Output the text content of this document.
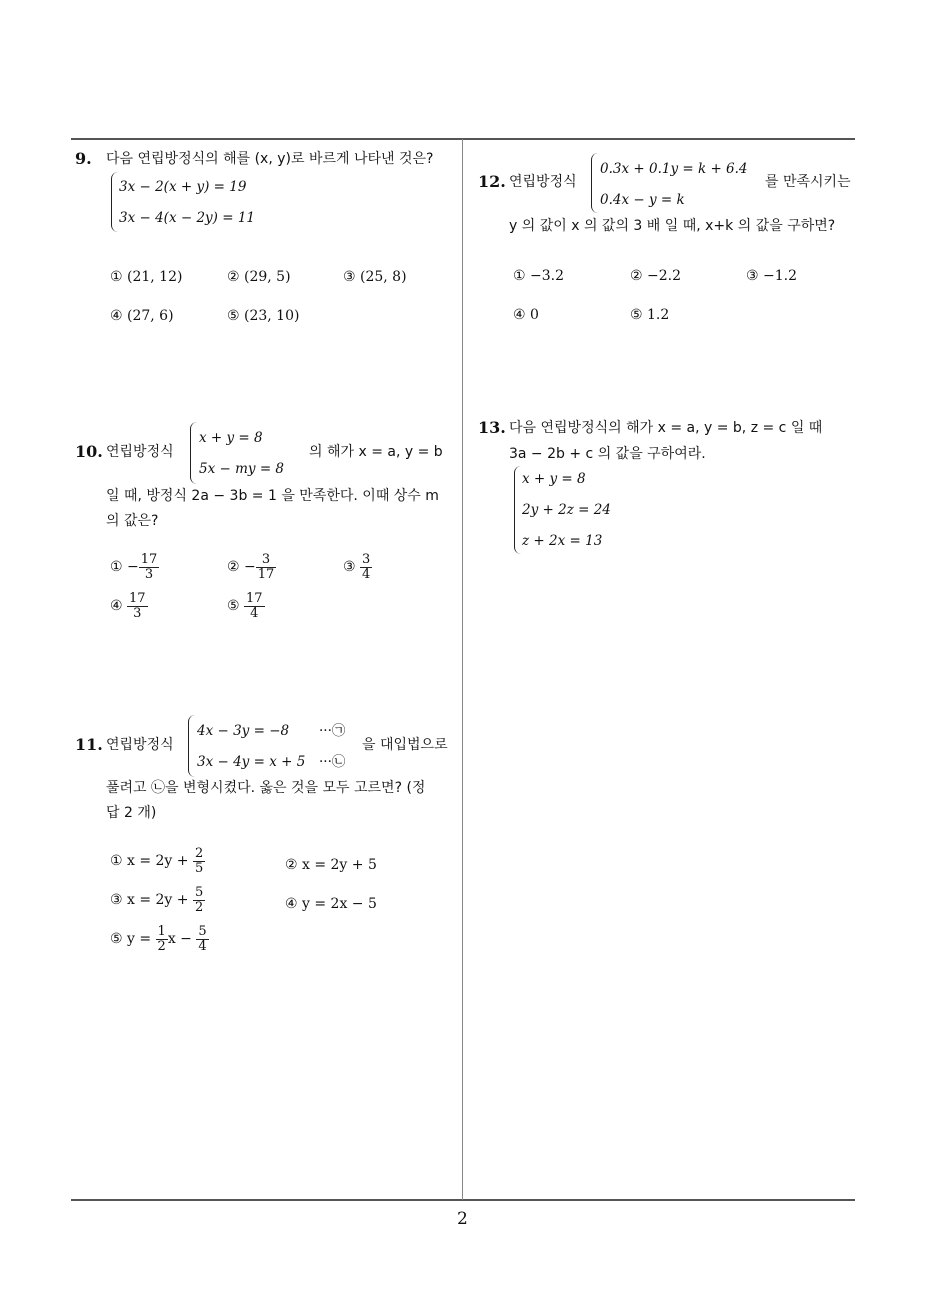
9. 다음 연립방정식의 해를 (x, y)로 바르게 나타낸 것은?
3x − 2(x + y) = 19
3x − 4(x − 2y) = 11
① (21, 12)	② (29, 5)	③ (25, 8)
④ (27, 6)	⑤ (23, 10)
10. 연립방정식
x + y = 8
5x − my = 8
의 해가 x = a, y = b
일 때, 방정식 2a − 3b = 1 을 만족한다. 이때 상수 m
의 값은?
① − $\frac{17}{3}$	② − $\frac{3}{17}$	③ $\frac{3}{4}$
④ $\frac{17}{3}$	⑤ $\frac{17}{4}$
11. 연립방정식
4x − 3y = −8 ···㉠
3x − 4y = x + 5 ···㉡
을 대입법으로
풀려고 ㉡을 변형시켰다. 옳은 것을 모두 고르면? (정
답 2 개)
① $x = 2y + \frac{2}{5}$	② x = 2y + 5
③ $x = 2y + \frac{5}{2}$	④ y = 2x − 5
⑤ $y = \frac{1}{2}$ $x - \frac{5}{4}$
12. 연립방정식
0.3x + 0.1y = k + 6.4
0.4x − y = k
를 만족시키는
y 의 값이 x 의 값의 3 배 일 때, x+k 의 값을 구하면?
① −3.2	② −2.2	③ −1.2
④ 0	⑤ 1.2
13. 다음 연립방정식의 해가 x = a, y = b, z = c 일 때
3a − 2b + c 의 값을 구하여라.
x + y = 8
2y + 2z = 24
z + 2x = 13
2
